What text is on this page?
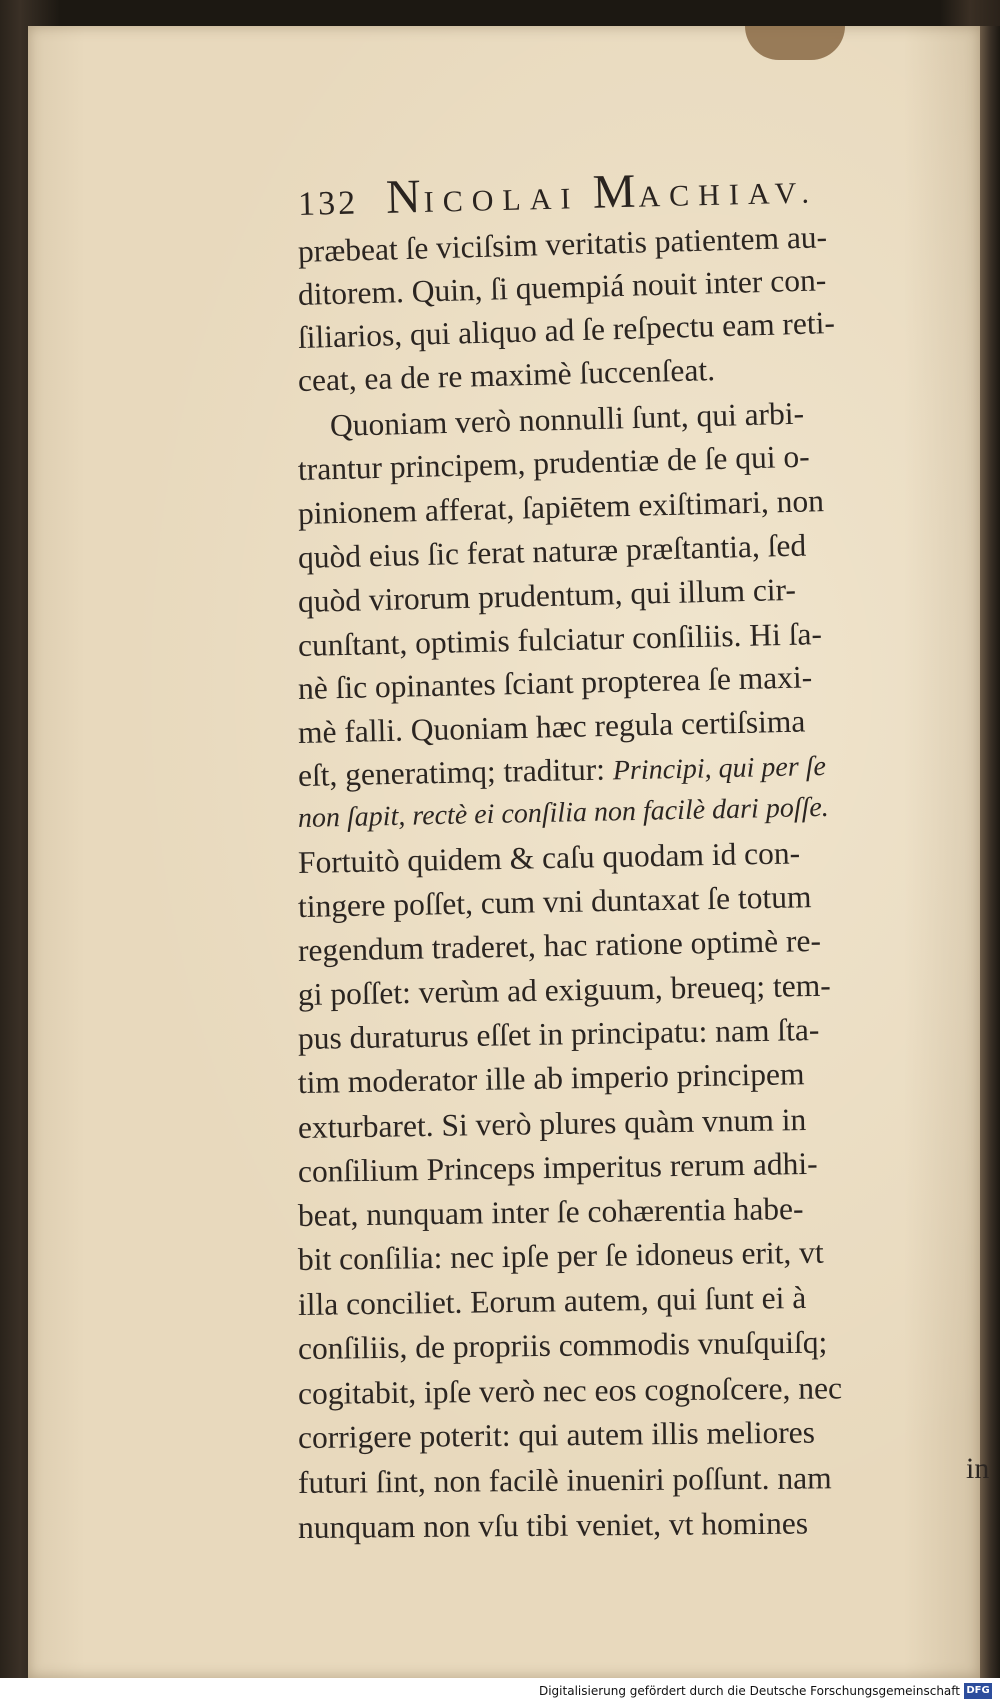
132 NICOLAI MACHIAV.
præbeat ſe viciſsim veritatis patientem au-
ditorem. Quin, ſi quempiá nouit inter con-
ſiliarios, qui aliquo ad ſe reſpectu eam reti-
ceat, ea de re maximè ſuccenſeat.
Quoniam verò nonnulli ſunt, qui arbi-
trantur principem, prudentiæ de ſe qui o-
pinionem afferat, ſapiētem exiſtimari, non
quòd eius ſic ferat naturæ præſtantia, ſed
quòd virorum prudentum, qui illum cir-
cunſtant, optimis fulciatur conſiliis. Hi ſa-
nè ſic opinantes ſciant propterea ſe maxi-
mè falli. Quoniam hæc regula certiſsima
eſt, generatimq; traditur: Principi, qui per ſe
non ſapit, rectè ei conſilia non facilè dari poſſe.
Fortuitò quidem & caſu quodam id con-
tingere poſſet, cum vni duntaxat ſe totum
regendum traderet, hac ratione optimè re-
gi poſſet: verùm ad exiguum, breueq; tem-
pus duraturus eſſet in principatu: nam ſta-
tim moderator ille ab imperio principem
exturbaret. Si verò plures quàm vnum in
conſilium Princeps imperitus rerum adhi-
beat, nunquam inter ſe cohærentia habe-
bit conſilia: nec ipſe per ſe idoneus erit, vt
illa conciliet. Eorum autem, qui ſunt ei à
conſiliis, de propriis commodis vnuſquiſq;
cogitabit, ipſe verò nec eos cognoſcere, nec
corrigere poterit: qui autem illis meliores
futuri ſint, non facilè inueniri poſſunt. nam
nunquam non vſu tibi veniet, vt homines
in
Digitalisierung gefördert durch die Deutsche Forschungsgemeinschaft DFG
